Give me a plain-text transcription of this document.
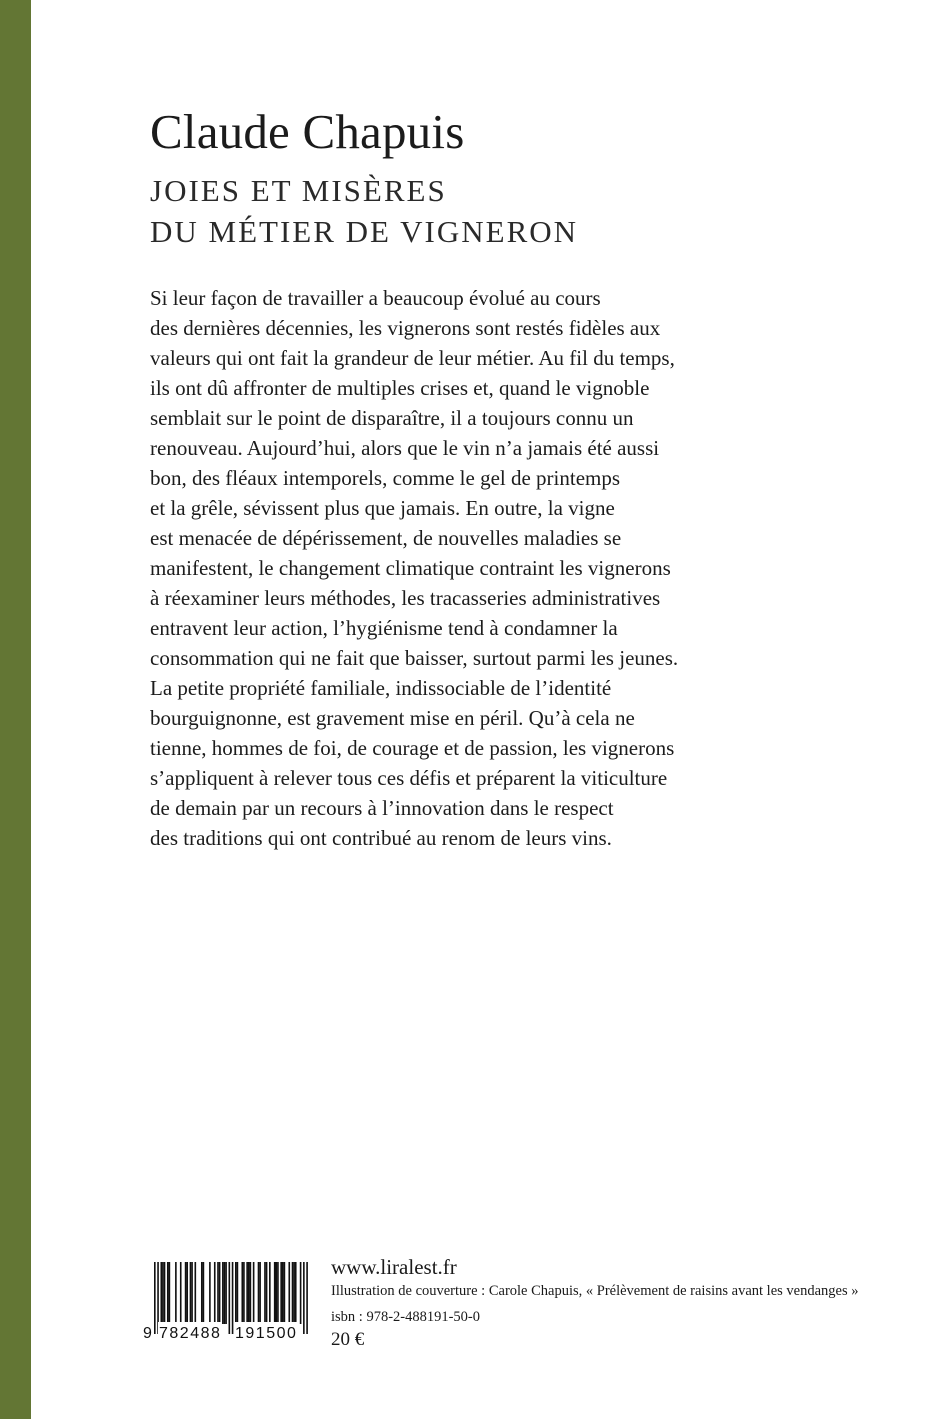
Claude Chapuis
JOIES ET MISÈRES
DU MÉTIER DE VIGNERON
Si leur façon de travailler a beaucoup évolué au cours
des dernières décennies, les vignerons sont restés fidèles aux
valeurs qui ont fait la grandeur de leur métier. Au fil du temps,
ils ont dû affronter de multiples crises et, quand le vignoble
semblait sur le point de disparaître, il a toujours connu un
renouveau. Aujourd’hui, alors que le vin n’a jamais été aussi
bon, des fléaux intemporels, comme le gel de printemps
et la grêle, sévissent plus que jamais. En outre, la vigne
est menacée de dépérissement, de nouvelles maladies se
manifestent, le changement climatique contraint les vignerons
à réexaminer leurs méthodes, les tracasseries administratives
entravent leur action, l’hygiénisme tend à condamner la
consommation qui ne fait que baisser, surtout parmi les jeunes.
La petite propriété familiale, indissociable de l’identité
bourguignonne, est gravement mise en péril. Qu’à cela ne
tienne, hommes de foi, de courage et de passion, les vignerons
s’appliquent à relever tous ces défis et préparent la viticulture
de demain par un recours à l’innovation dans le respect
des traditions qui ont contribué au renom de leurs vins.
9 782488 191500
www.liralest.fr
Illustration de couverture : Carole Chapuis, « Prélèvement de raisins avant les vendanges »
isbn : 978-2-488191-50-0
20 €
